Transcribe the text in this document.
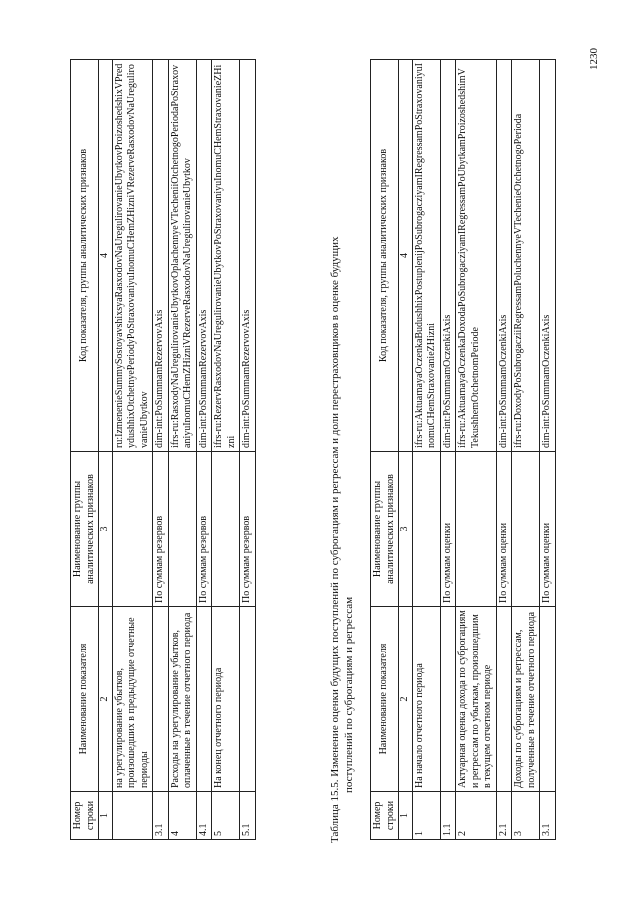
Номер строки	Наименование показателя	Наименование группы аналитических признаков	Код показателя, группы аналитических признаков
1	2	3	4
	на урегулирование убытков, произошедших в предыдущие отчетные периоды		ru:IzmenenieSummySostoyavshixsyaRasxodovNaUregulirovanieUbytkovProizoshedshixVPredydushhixOtchetnyePeriodyPoStraxovaniyuInomuCHemZHizniVRezerveRasxodovNaUregulirovanieUbytkov
3.1		По суммам резервов	dim-int:PoSummamRezervovAxis
4	Расходы на урегулирование убытков, оплаченные в течение отчетного периода		ifrs-ru:RasxodyNaUregulirovanieUbytkovOplachennyeVTecheniiOtchetnogoPeriodaPoStraxovaniyuInomuCHemZHizniVRezerveRasxodovNaUregulirovanieUbytkov
4.1		По суммам резервов	dim-int:PoSummamRezervovAxis
5	На конец отчетного периода		ifrs-ru:RezervRasxodovNaUregulirovanieUbytkovPoStraxovaniyuInomuCHemStraxovanieZHizni
5.1		По суммам резервов	dim-int:PoSummamRezervovAxis	Таблица 15.5. Изменение оценки будущих поступлений по суброгациям и регрессам и доли перестраховщиков в оценке будущих поступлений по суброгациям и регрессам
Номер строки	Наименование показателя	Наименование группы аналитических признаков	Код показателя, группы аналитических признаков
1	2	3	4
1	На начало отчетного периода		ifrs-ru:AktuarnayaOczenkaBudushhixPostuplenijPoSubrogacziyamIRegressamPoStraxovaniyuInomuCHemStraxovanieZHizni
1.1		По суммам оценки	dim-int:PoSummamOczenkiAxis
2	Актуарная оценка дохода по суброгациям и регрессам по убыткам, произошедшим в текущем отчетном периоде		ifrs-ru:AktuarnayaOczenkaDoxodaPoSubrogacziyamIRegressamPoUbytkamProizoshedshimVTekushhemOtchetnomPeriode
2.1		По суммам оценки	dim-int:PoSummamOczenkiAxis
3	Доходы по суброгациям и регрессам, полученные в течение отчетного периода		ifrs-ru:DoxodyPoSubrogacziiRegressamPoluchennyeVTechenieOtchetnogoPerioda
3.1		По суммам оценки	dim-int:PoSummamOczenkiAxis
1230
